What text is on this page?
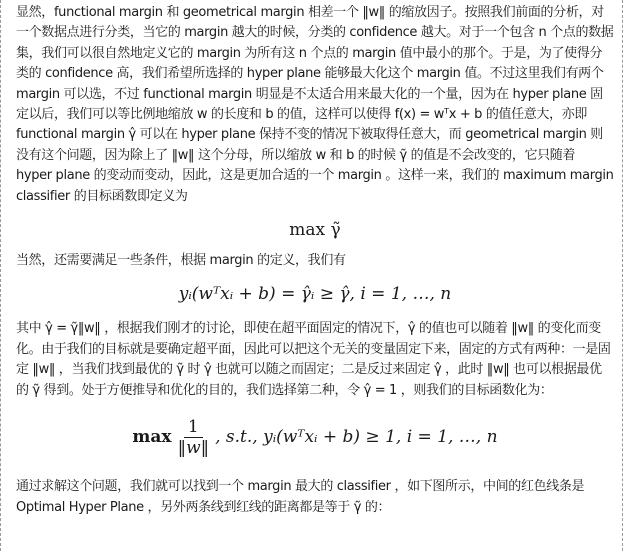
显然，functional margin 和 geometrical margin 相差一个 ‖w‖ 的缩放因子。按照我们前面的分析，对一个数据点进行分类，当它的 margin 越大的时候，分类的 confidence 越大。对于一个包含 n 个点的数据集，我们可以很自然地定义它的 margin 为所有这 n 个点的 margin 值中最小的那个。于是，为了使得分类的 confidence 高，我们希望所选择的 hyper plane 能够最大化这个 margin 值。不过这里我们有两个 margin 可以选，不过 functional margin 明显是不太适合用来最大化的一个量，因为在 hyper plane 固定以后，我们可以等比例地缩放 w 的长度和 b 的值，这样可以使得 f(x) = wᵀx + b 的值任意大，亦即 functional margin γ̂ 可以在 hyper plane 保持不变的情况下被取得任意大，而 geometrical margin 则没有这个问题，因为除上了 ‖w‖ 这个分母，所以缩放 w 和 b 的时候 γ̃ 的值是不会改变的，它只随着 hyper plane 的变动而变动，因此，这是更加合适的一个 margin 。这样一来，我们的 maximum margin classifier 的目标函数即定义为

max γ̃

当然，还需要满足一些条件，根据 margin 的定义，我们有

yᵢ(wᵀxᵢ + b) = γ̂ᵢ ≥ γ̂, i = 1, …, n

其中 γ̂ = γ̃‖w‖ ，根据我们刚才的讨论，即使在超平面固定的情况下，γ̂ 的值也可以随着 ‖w‖ 的变化而变化。由于我们的目标就是要确定超平面，因此可以把这个无关的变量固定下来，固定的方式有两种：一是固定 ‖w‖ ，当我们找到最优的 γ̃ 时 γ̂ 也就可以随之而固定；二是反过来固定 γ̂ ，此时 ‖w‖ 也可以根据最优的 γ̃ 得到。处于方便推导和优化的目的，我们选择第二种，令 γ̂ = 1 ，则我们的目标函数化为：

$\max \frac{1}{‖w‖}$ , s.t., yᵢ(wᵀxᵢ + b) ≥ 1, i = 1, …, n

通过求解这个问题，我们就可以找到一个 margin 最大的 classifier ，如下图所示，中间的红色线条是 Optimal Hyper Plane ，另外两条线到红线的距离都是等于 γ̃ 的：
